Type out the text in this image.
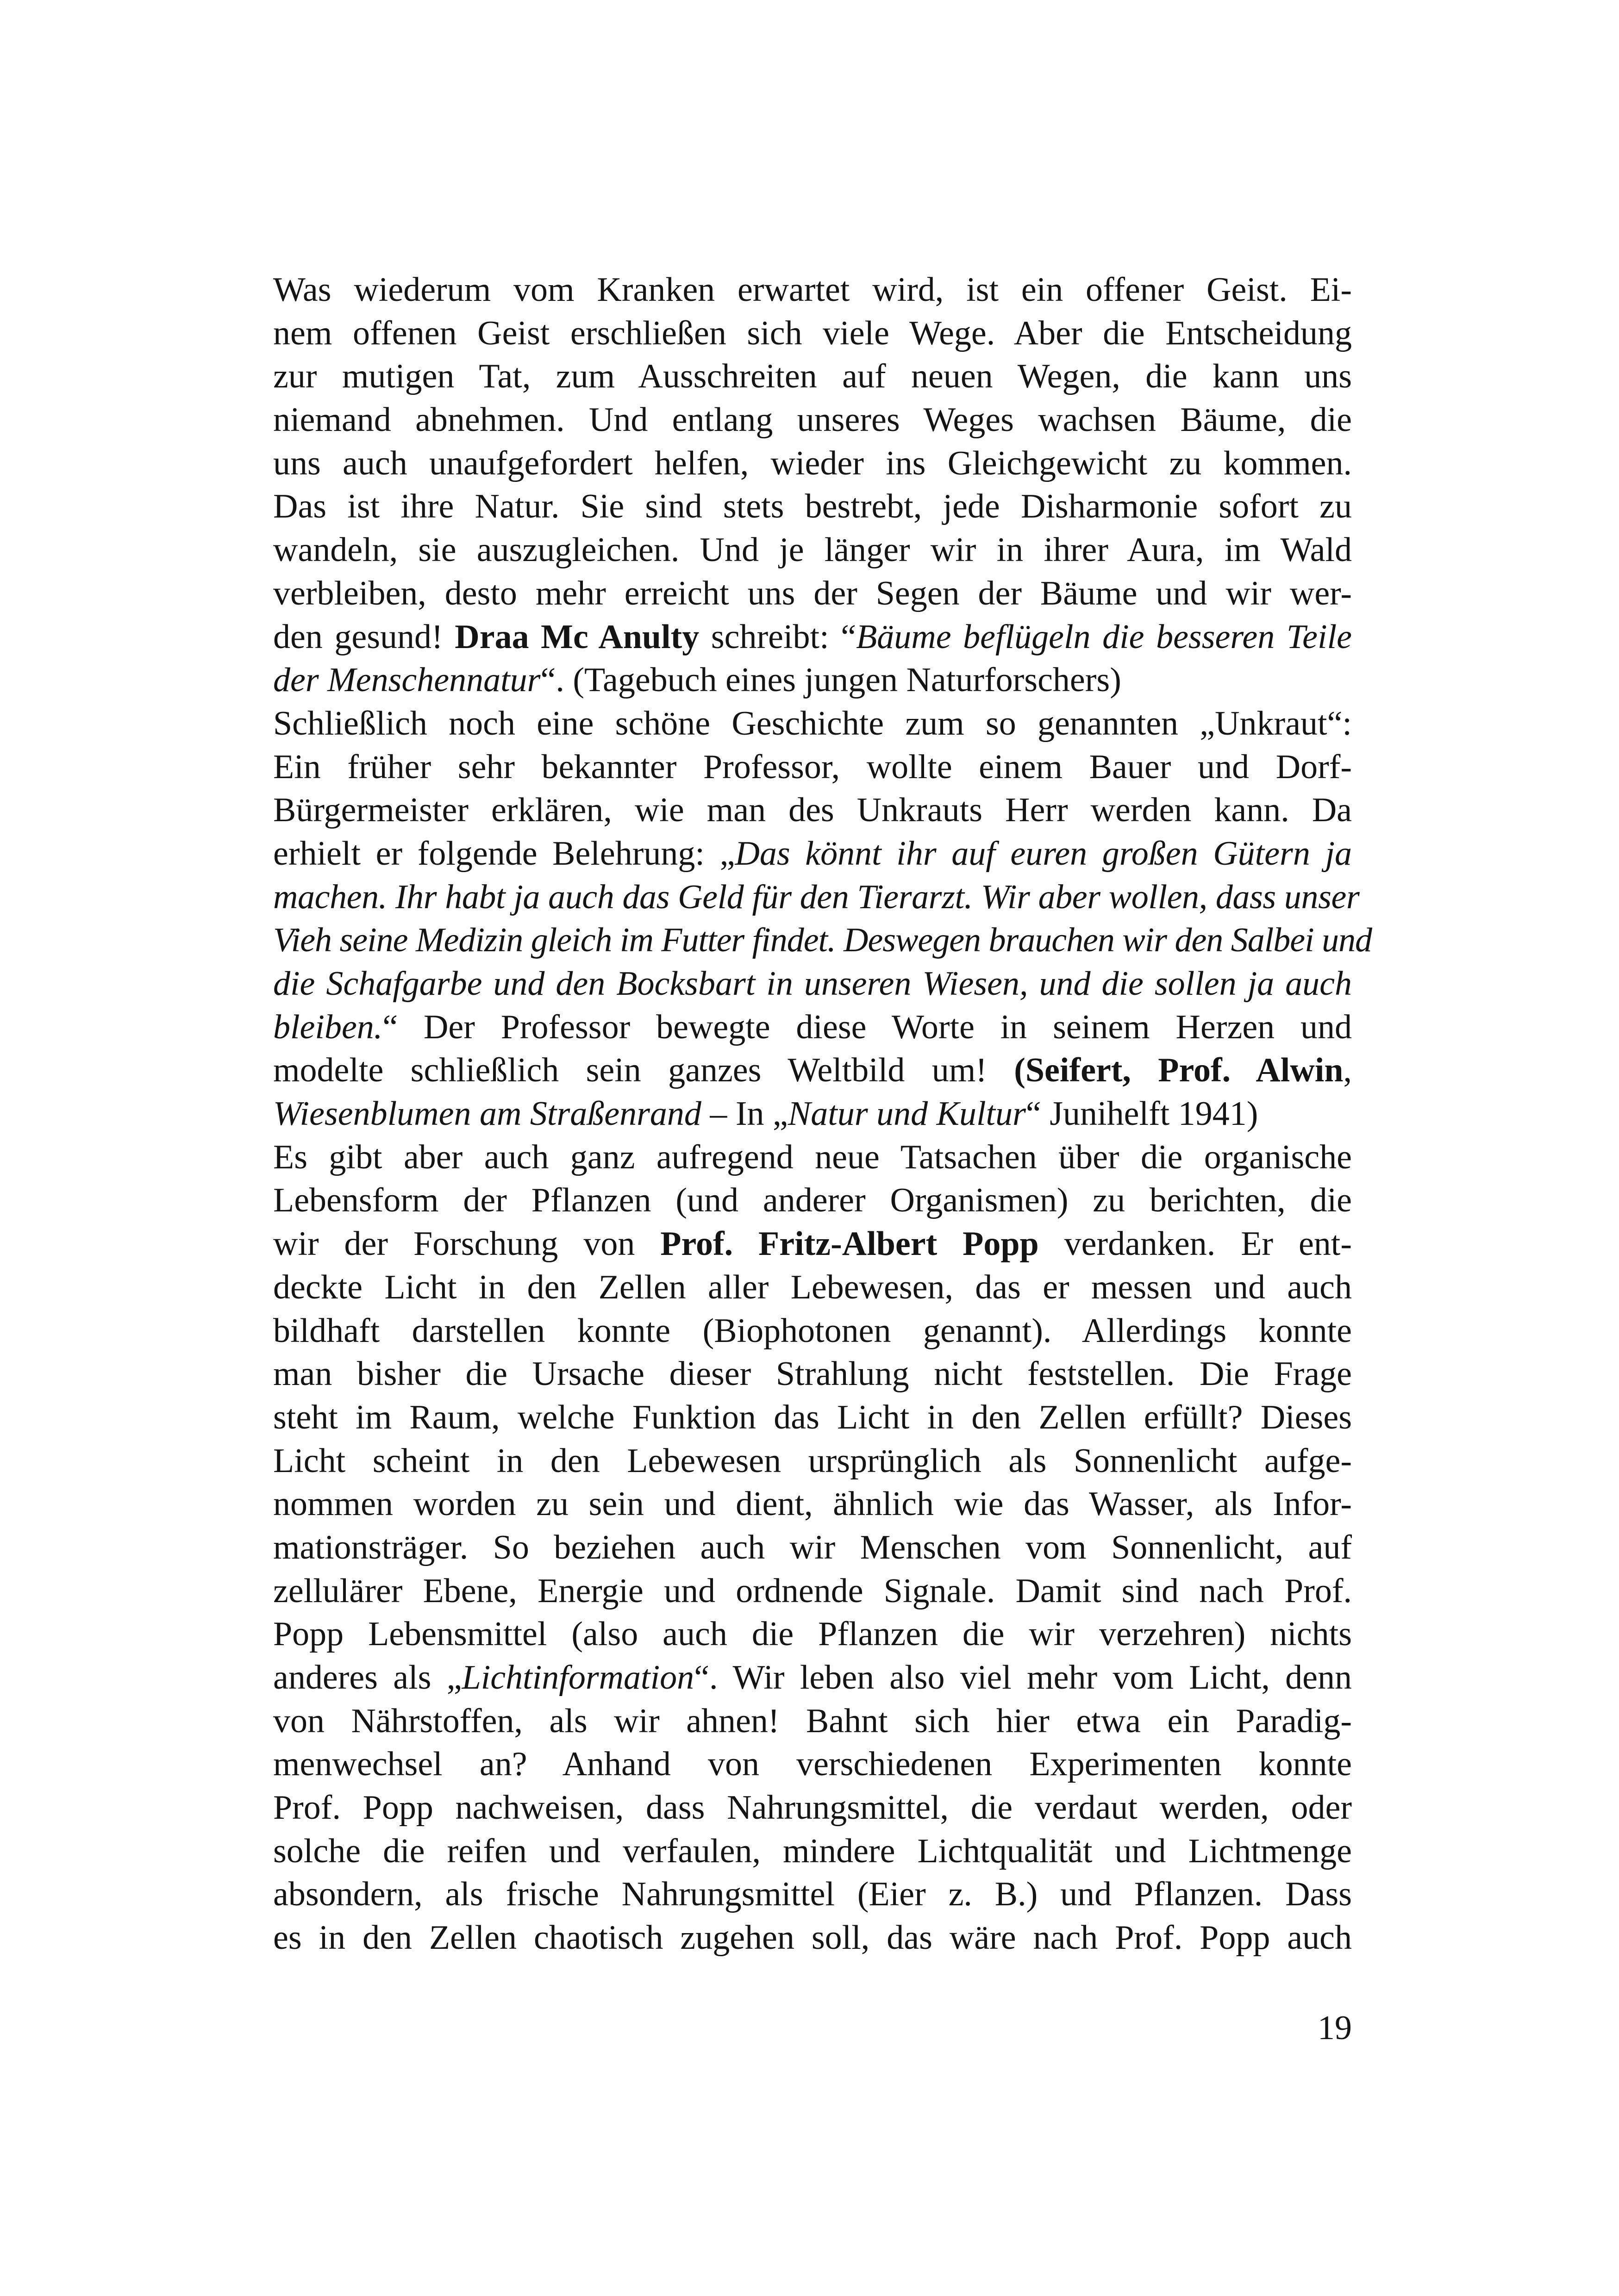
Was wiederum vom Kranken erwartet wird, ist ein offener Geist. Ei-
nem offenen Geist erschließen sich viele Wege. Aber die Entscheidung
zur mutigen Tat, zum Ausschreiten auf neuen Wegen, die kann uns
niemand abnehmen. Und entlang unseres Weges wachsen Bäume, die
uns auch unaufgefordert helfen, wieder ins Gleichgewicht zu kommen.
Das ist ihre Natur. Sie sind stets bestrebt, jede Disharmonie sofort zu
wandeln, sie auszugleichen. Und je länger wir in ihrer Aura, im Wald
verbleiben, desto mehr erreicht uns der Segen der Bäume und wir wer-
den gesund! Draa Mc Anulty schreibt: “Bäume beflügeln die besseren Teile
der Menschennatur“. (Tagebuch eines jungen Naturforschers)
Schließlich noch eine schöne Geschichte zum so genannten „Unkraut“:
Ein früher sehr bekannter Professor, wollte einem Bauer und Dorf-
Bürgermeister erklären, wie man des Unkrauts Herr werden kann. Da
erhielt er folgende Belehrung: „Das könnt ihr auf euren großen Gütern ja
machen. Ihr habt ja auch das Geld für den Tierarzt. Wir aber wollen, dass unser
Vieh seine Medizin gleich im Futter findet. Deswegen brauchen wir den Salbei und
die Schafgarbe und den Bocksbart in unseren Wiesen, und die sollen ja auch
bleiben.“ Der Professor bewegte diese Worte in seinem Herzen und
modelte schließlich sein ganzes Weltbild um! (Seifert, Prof. Alwin,
Wiesenblumen am Straßenrand – In „Natur und Kultur“ Junihelft 1941)
Es gibt aber auch ganz aufregend neue Tatsachen über die organische
Lebensform der Pflanzen (und anderer Organismen) zu berichten, die
wir der Forschung von Prof. Fritz-Albert Popp verdanken. Er ent-
deckte Licht in den Zellen aller Lebewesen, das er messen und auch
bildhaft darstellen konnte (Biophotonen genannt). Allerdings konnte
man bisher die Ursache dieser Strahlung nicht feststellen. Die Frage
steht im Raum, welche Funktion das Licht in den Zellen erfüllt? Dieses
Licht scheint in den Lebewesen ursprünglich als Sonnenlicht aufge-
nommen worden zu sein und dient, ähnlich wie das Wasser, als Infor-
mationsträger. So beziehen auch wir Menschen vom Sonnenlicht, auf
zellulärer Ebene, Energie und ordnende Signale. Damit sind nach Prof.
Popp Lebensmittel (also auch die Pflanzen die wir verzehren) nichts
anderes als „Lichtinformation“. Wir leben also viel mehr vom Licht, denn
von Nährstoffen, als wir ahnen! Bahnt sich hier etwa ein Paradig-
menwechsel an? Anhand von verschiedenen Experimenten konnte
Prof. Popp nachweisen, dass Nahrungsmittel, die verdaut werden, oder
solche die reifen und verfaulen, mindere Lichtqualität und Lichtmenge
absondern, als frische Nahrungsmittel (Eier z. B.) und Pflanzen. Dass
es in den Zellen chaotisch zugehen soll, das wäre nach Prof. Popp auch
19
